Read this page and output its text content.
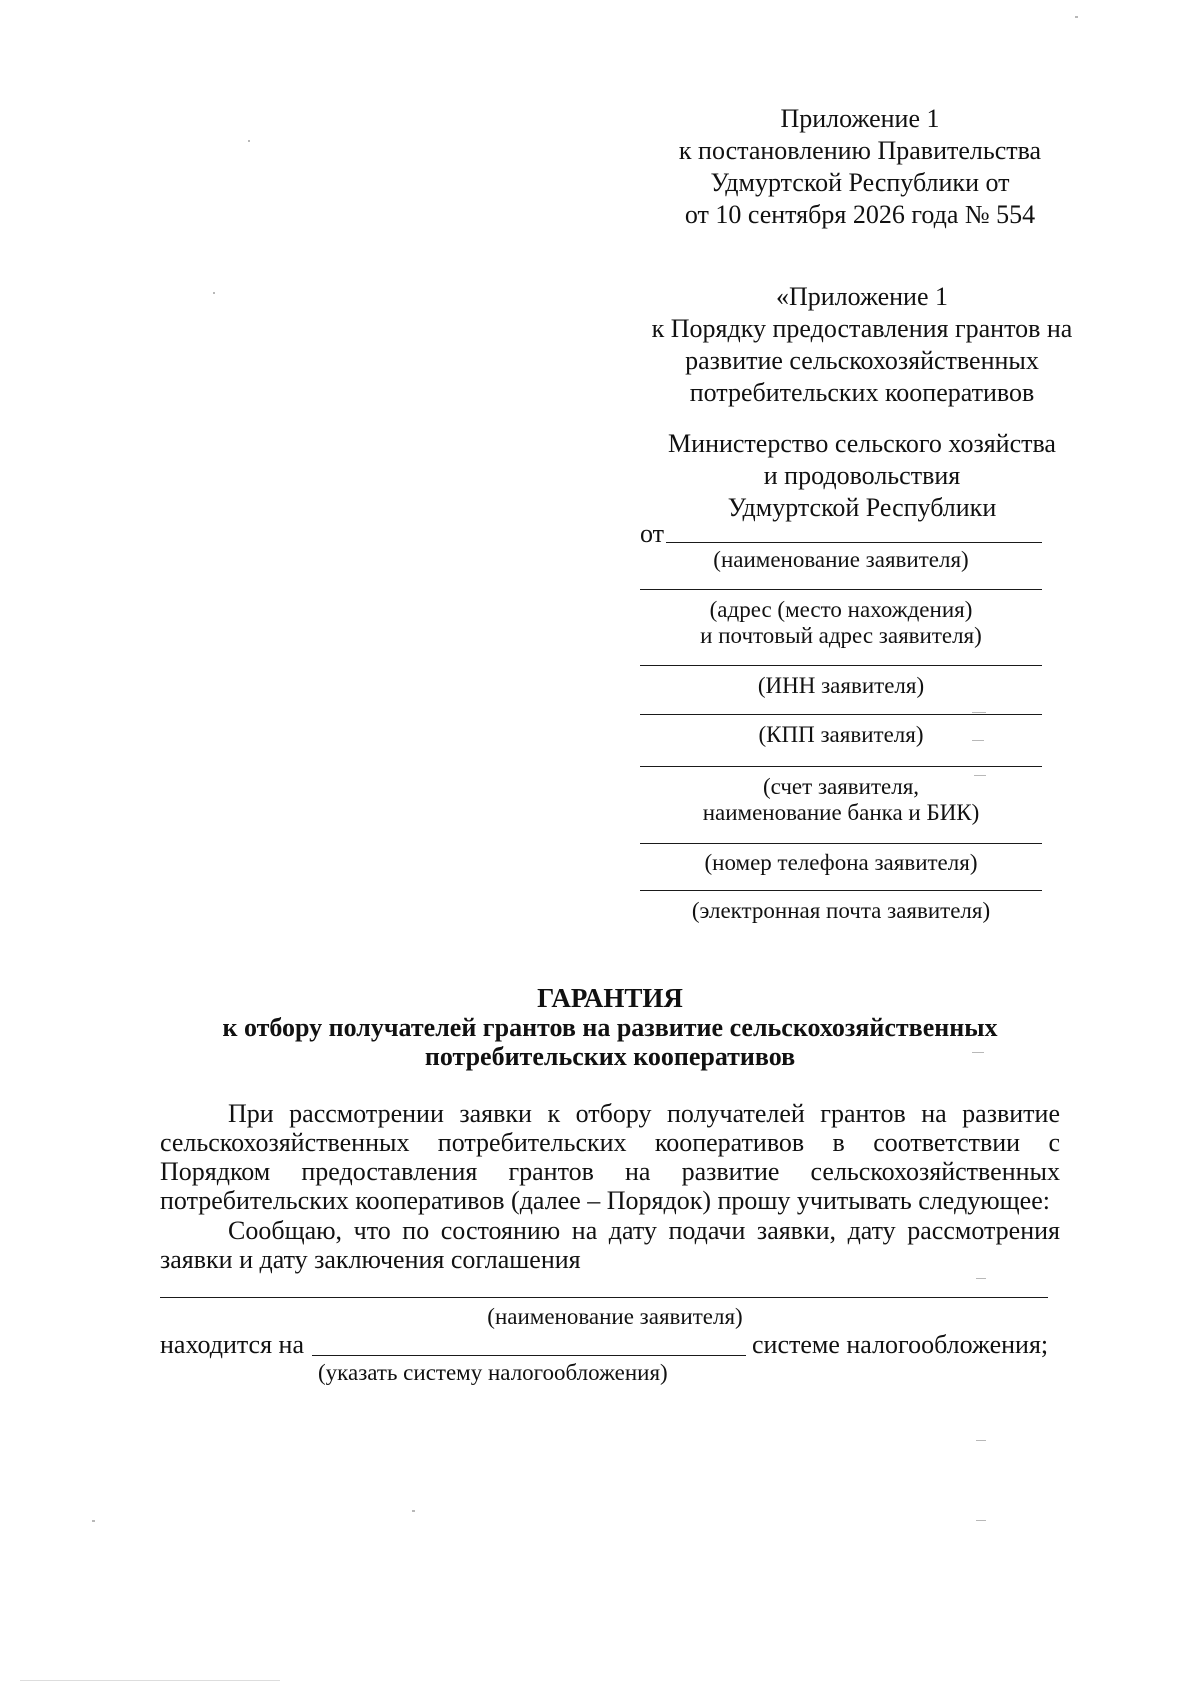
Приложение 1
к постановлению Правительства
Удмуртской Республики от
от 10 сентября 2026 года № 554
«Приложение 1
к Порядку предоставления грантов на
развитие сельскохозяйственных
потребительских кооперативов
Министерство сельского хозяйства
и продовольствия
Удмуртской Республики
от
(наименование заявителя)
(адрес (место нахождения)
и почтовый адрес заявителя)
(ИНН заявителя)
(КПП заявителя)
(счет заявителя,
наименование банка и БИК)
(номер телефона заявителя)
(электронная почта заявителя)
ГАРАНТИЯ
к отбору получателей грантов на развитие сельскохозяйственных
потребительских кооперативов
При рассмотрении заявки к отбору получателей грантов на развитие
сельскохозяйственных потребительских кооперативов в соответствии с
Порядком предоставления грантов на развитие сельскохозяйственных
потребительских кооперативов (далее – Порядок) прошу учитывать следующее:
Сообщаю, что по состоянию на дату подачи заявки, дату рассмотрения
заявки и дату заключения соглашения
(наименование заявителя)
находится на	системе налогообложения;
(указать систему налогообложения)
